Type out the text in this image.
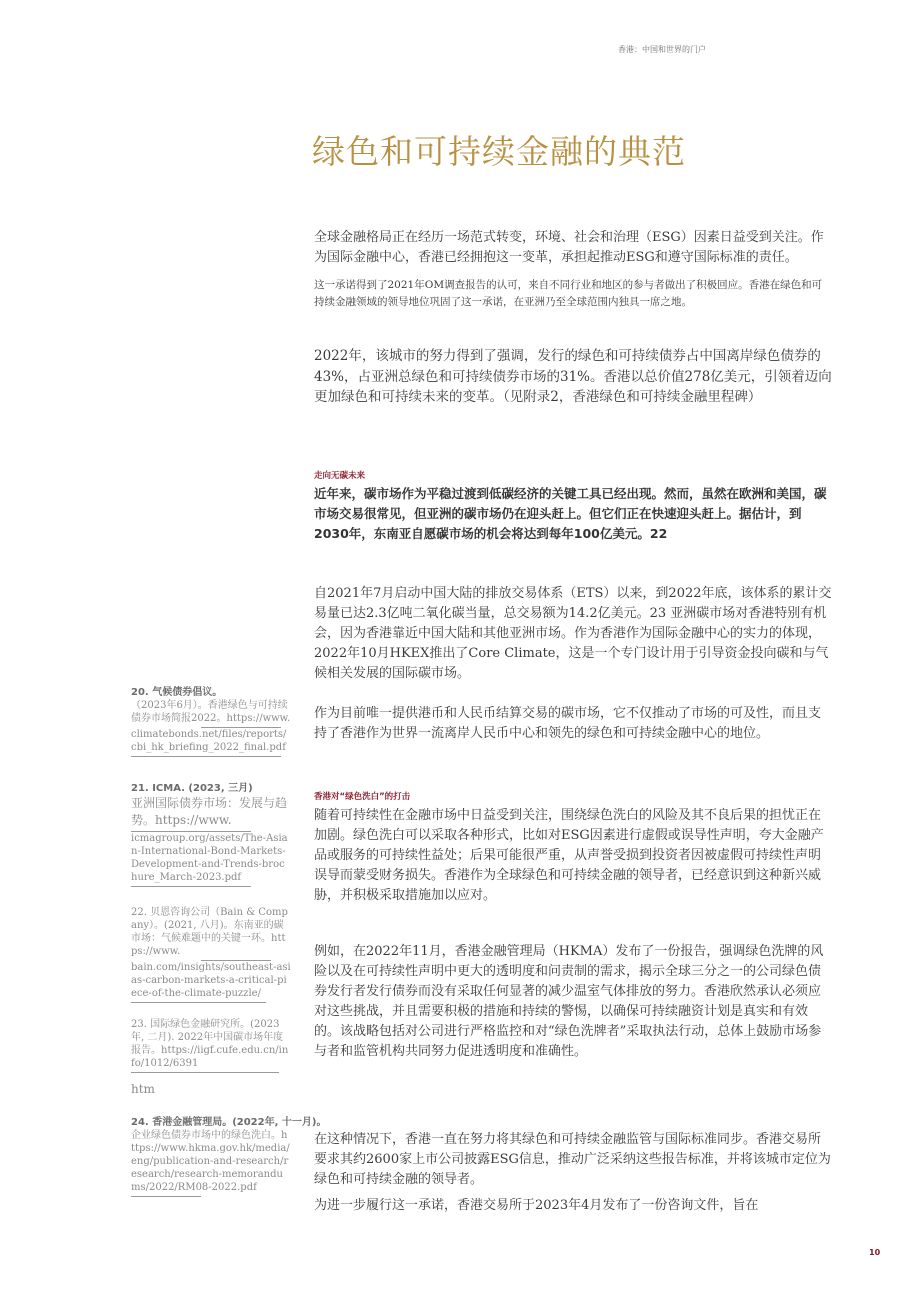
香港：中国和世界的门户
绿色和可持续金融的典范
全球金融格局正在经历一场范式转变，环境、社会和治理（ESG）因素日益受到关注。作为国际金融中心，香港已经拥抱这一变革，承担起推动ESG和遵守国际标准的责任。
这一承诺得到了2021年OM调查报告的认可，来自不同行业和地区的参与者做出了积极回应。香港在绿色和可持续金融领域的领导地位巩固了这一承诺，在亚洲乃至全球范围内独具一席之地。
2022年，该城市的努力得到了强调，发行的绿色和可持续债券占中国离岸绿色债券的43%，占亚洲总绿色和可持续债券市场的31%。香港以总价值278亿美元，引领着迈向更加绿色和可持续未来的变革。（见附录2，香港绿色和可持续金融里程碑）
走向无碳未来
近年来，碳市场作为平稳过渡到低碳经济的关键工具已经出现。然而，虽然在欧洲和美国，碳市场交易很常见，但亚洲的碳市场仍在迎头赶上。但它们正在快速迎头赶上。据估计，到2030年，东南亚自愿碳市场的机会将达到每年100亿美元。22
自2021年7月启动中国大陆的排放交易体系（ETS）以来，到2022年底，该体系的累计交易量已达2.3亿吨二氧化碳当量，总交易额为14.2亿美元。23 亚洲碳市场对香港特别有机会，因为香港靠近中国大陆和其他亚洲市场。作为香港作为国际金融中心的实力的体现，2022年10月HKEX推出了Core Climate，这是一个专门设计用于引导资金投向碳和与气候相关发展的国际碳市场。
作为目前唯一提供港币和人民币结算交易的碳市场，它不仅推动了市场的可及性，而且支持了香港作为世界一流离岸人民币中心和领先的绿色和可持续金融中心的地位。
香港对“绿色洗白”的打击
随着可持续性在金融市场中日益受到关注，围绕绿色洗白的风险及其不良后果的担忧正在加剧。绿色洗白可以采取各种形式，比如对ESG因素进行虚假或误导性声明，夸大金融产品或服务的可持续性益处；后果可能很严重，从声誉受损到投资者因被虚假可持续性声明误导而蒙受财务损失。香港作为全球绿色和可持续金融的领导者，已经意识到这种新兴威胁，并积极采取措施加以应对。
例如，在2022年11月，香港金融管理局（HKMA）发布了一份报告，强调绿色洗牌的风险以及在可持续性声明中更大的透明度和问责制的需求，揭示全球三分之一的公司绿色债券发行者发行债券而没有采取任何显著的减少温室气体排放的努力。香港欣然承认必须应对这些挑战，并且需要积极的措施和持续的警惕，以确保可持续融资计划是真实和有效的。该战略包括对公司进行严格监控和对“绿色洗牌者”采取执法行动，总体上鼓励市场参与者和监管机构共同努力促进透明度和准确性。
在这种情况下，香港一直在努力将其绿色和可持续金融监管与国际标准同步。香港交易所要求其约2600家上市公司披露ESG信息，推动广泛采纳这些报告标准，并将该城市定位为绿色和可持续金融的领导者。
为进一步履行这一承诺，香港交易所于2023年4月发布了一份咨询文件，旨在
20. 气候债券倡议。
（2023年6月）。香港绿色与可持续债券市场简报2022。https://www.
climatebonds.net/files/reports/cbi_hk_briefing_2022_final.pdf
21. ICMA. (2023, 三月)
亚洲国际债券市场：发展与趋势。https://www.
icmagroup.org/assets/The-Asian-International-Bond-Markets-Development-and-Trends-brochure_March-2023.pdf
22. 贝恩咨询公司（Bain & Company）。(2021, 八月)。东南亚的碳市场：气候难题中的关键一环。https://www.
bain.com/insights/southeast-asias-carbon-markets-a-critical-piece-of-the-climate-puzzle/
23. 国际绿色金融研究所。(2023年, 二月). 2022年中国碳市场年度报告。https://iigf.cufe.edu.cn/info/1012/6391
htm
24. 香港金融管理局。(2022年, 十一月)。
企业绿色债券市场中的绿色洗白。https://www.hkma.gov.hk/media/eng/publication-and-research/research/research-memorandums/2022/RM08-2022.pdf
10
